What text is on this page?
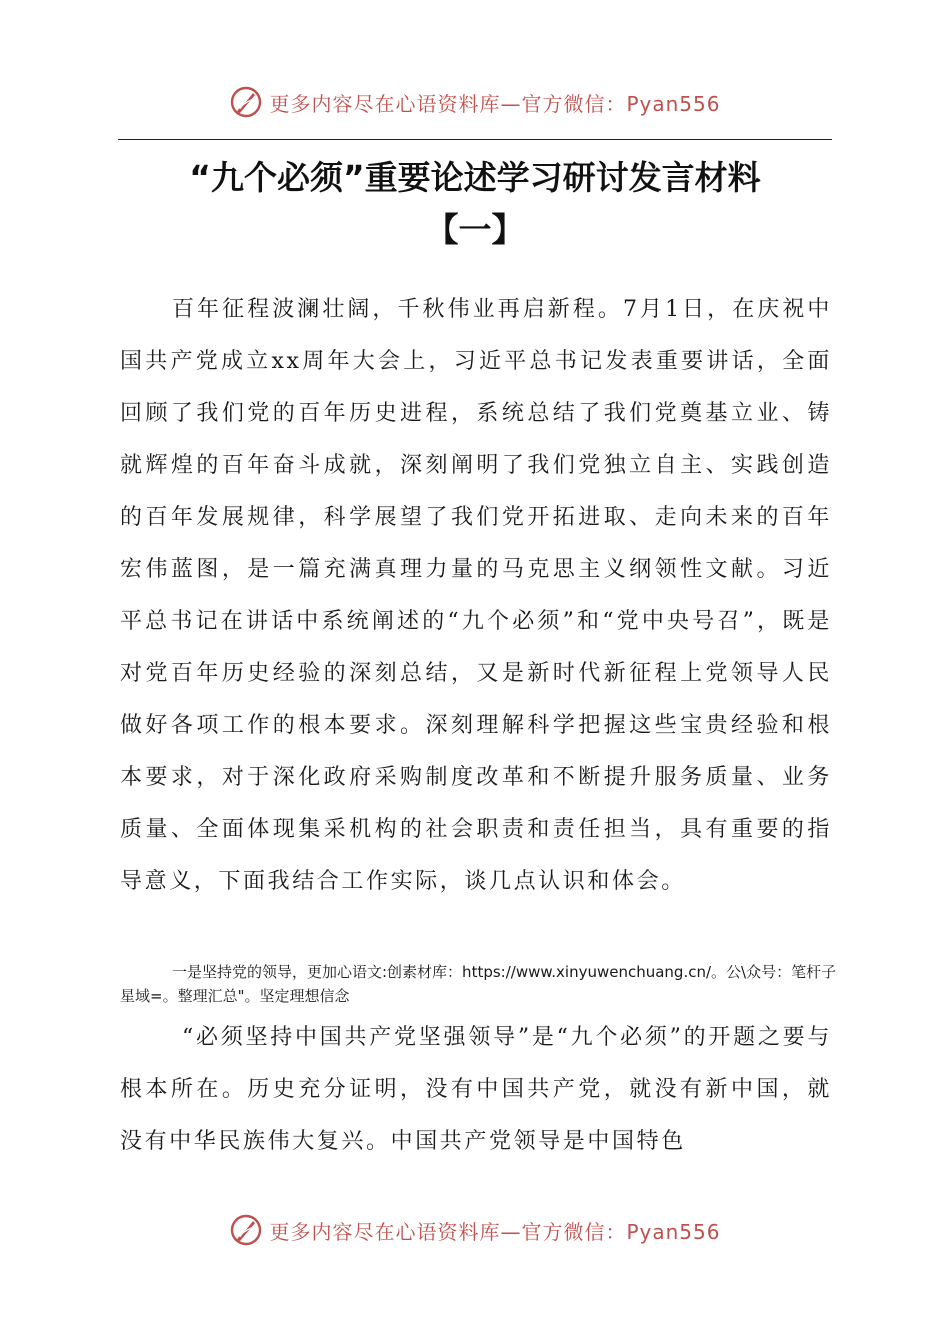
更多内容尽在心语资料库—官方微信：Pyan556
“九个必须”重要论述学习研讨发言材料
【一】

百年征程波澜壮阔，千秋伟业再启新程。7月1日，在庆祝中国共产党成立xx周年大会上，习近平总书记发表重要讲话，全面回顾了我们党的百年历史进程，系统总结了我们党奠基立业、铸就辉煌的百年奋斗成就，深刻阐明了我们党独立自主、实践创造的百年发展规律，科学展望了我们党开拓进取、走向未来的百年宏伟蓝图，是一篇充满真理力量的马克思主义纲领性文献。习近平总书记在讲话中系统阐述的“九个必须”和“党中央号召”，既是对党百年历史经验的深刻总结，又是新时代新征程上党领导人民做好各项工作的根本要求。深刻理解科学把握这些宝贵经验和根本要求，对于深化政府采购制度改革和不断提升服务质量、业务质量、全面体现集采机构的社会职责和责任担当，具有重要的指导意义，下面我结合工作实际，谈几点认识和体会。

一是坚持党的领导，更加心语文:创素材库：https://www.xinyuwenchuang.cn/。公\众号：笔杆子星域=。整理汇总"。坚定理想信念

“必须坚持中国共产党坚强领导”是“九个必须”的开题之要与根本所在。历史充分证明，没有中国共产党，就没有新中国，就没有中华民族伟大复兴。中国共产党领导是中国特色

更多内容尽在心语资料库—官方微信：Pyan556
